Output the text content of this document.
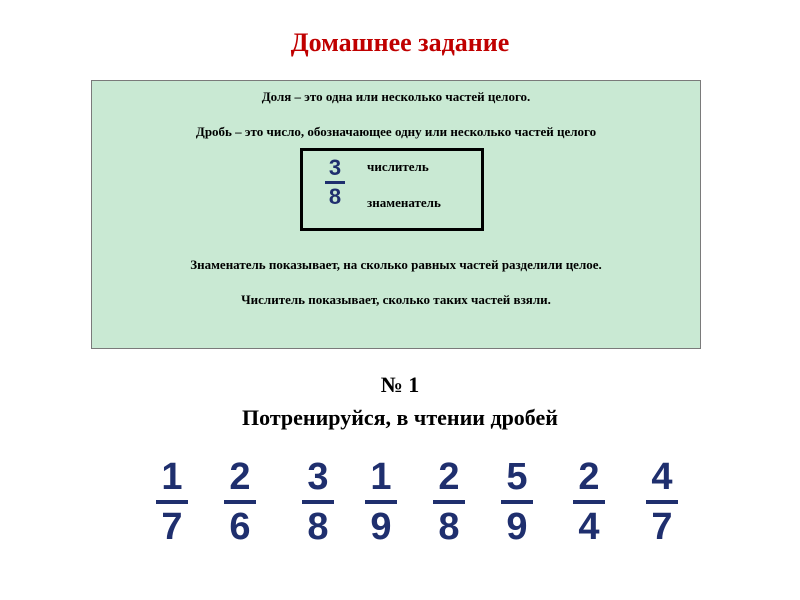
Домашнее задание
Доля – это одна или несколько частей целого.
Дробь – это число, обозначающее одну или несколько частей целого
3
8
числитель
знаменатель
Знаменатель показывает, на сколько равных частей разделили целое.
Числитель показывает, сколько таких частей взяли.
№ 1
Потренируйся, в чтении дробей
1
7
2
6
3
8
1
9
2
8
5
9
2
4
4
7
